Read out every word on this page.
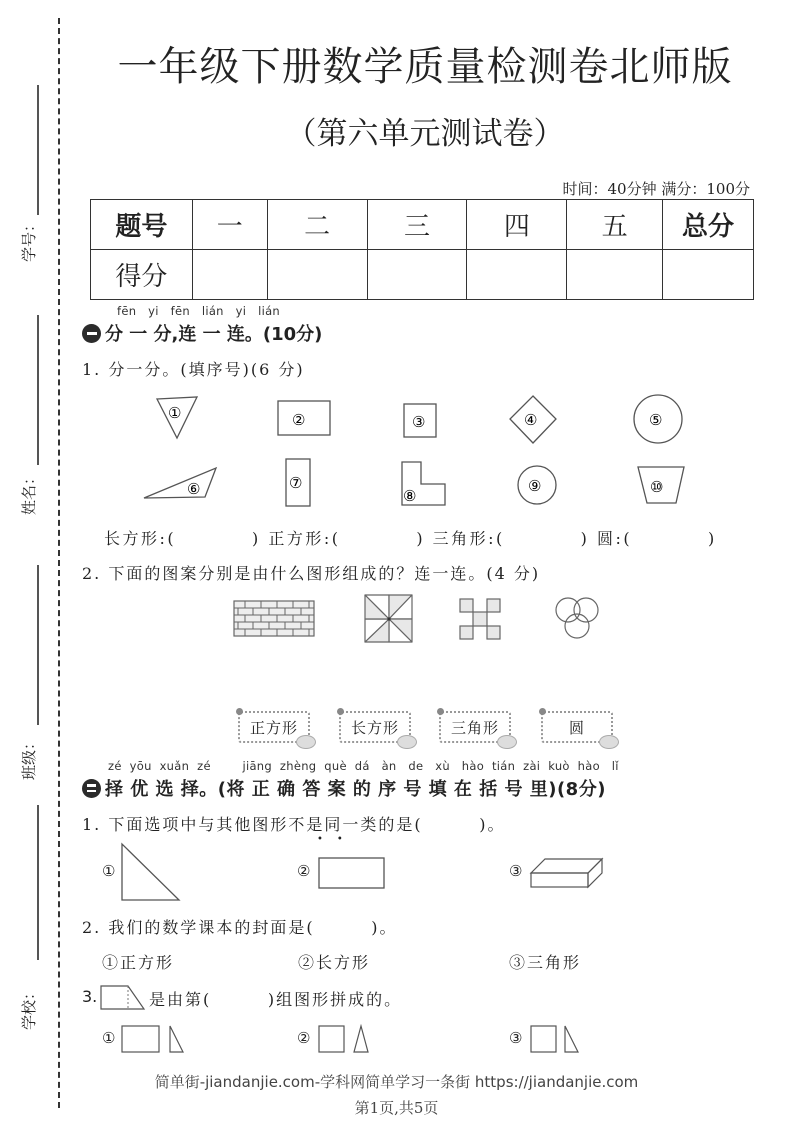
学号：
姓名：
班级：
学校：
一年级下册数学质量检测卷北师版
（第六单元测试卷）
时间：40分钟 满分：100分
题号	一	二	三	四	五	总分
得分						
fēn   yi   fēn   lián   yi   lián
分 一 分,连 一 连。(10分)
1. 分一分。(填序号)(6 分)
①	②	③	④	⑤
⑥	⑦
⑧
⑨	⑩
长方形:(          ) 正方形:(          ) 三角形:(          ) 圆:(          )
2. 下面的图案分别是由什么图形组成的？连一连。(4 分)
正方形	长方形	三角形	圆
zé  yōu  xuǎn  zé        jiāng  zhèng  què  dá   àn   de   xù   hào  tián  zài  kuò  hào   lǐ
择 优 选 择。(将 正 确 答 案 的 序 号 填 在 括 号 里)(8分)
1. 下面选项中与其他图形不是同一类的是(        )。
••
①	②	③
2. 我们的数学课本的封面是(        )。
①正方形	②长方形	③三角形
3.	是由第(        )组图形拼成的。
①	②	③
简单街-jiandanjie.com-学科网简单学习一条街 https://jiandanjie.com
第1页,共5页
